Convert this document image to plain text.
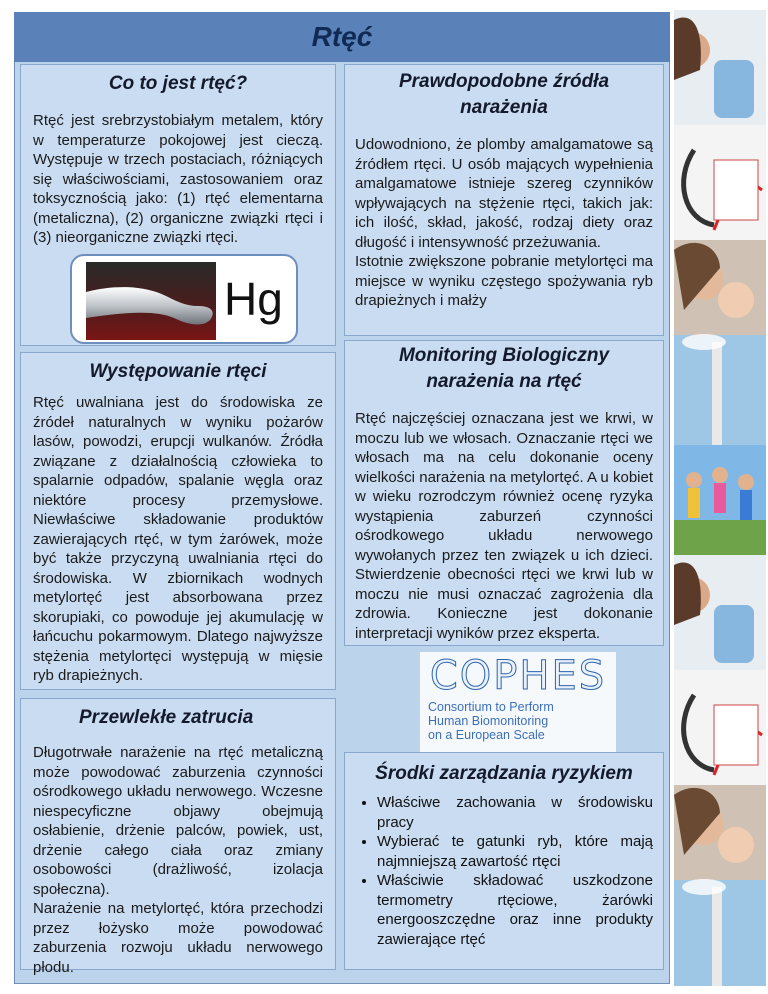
Rtęć
Co to jest rtęć?

Rtęć jest srebrzystobiałym metalem, który w temperaturze pokojowej jest cieczą. Występuje w trzech postaciach, różniących się właściwościami, zastosowaniem oraz toksycznością jako: (1) rtęć elementarna (metaliczna), (2) organiczne związki rtęci i (3) nieorganiczne związki rtęci.

Hg
Prawdopodobne źródła narażenia

Udowodniono, że plomby amalgamatowe są źródłem rtęci. U osób mających wypełnienia amalgamatowe istnieje szereg czynników wpływających na stężenie rtęci, takich jak: ich ilość, skład, jakość, rodzaj diety oraz długość i intensywność przeżuwania.

Istotnie zwiększone pobranie metylortęci ma miejsce w wyniku częstego spożywania ryb drapieżnych i małży

Występowanie rtęci

Rtęć uwalniana jest do środowiska ze źródeł naturalnych w wyniku pożarów lasów, powodzi, erupcji wulkanów. Źródła związane z działalnością człowieka to spalarnie odpadów, spalanie węgla oraz niektóre procesy przemysłowe. Niewłaściwe składowanie produktów zawierających rtęć, w tym żarówek, może być także przyczyną uwalniania rtęci do środowiska. W zbiornikach wodnych metylortęć jest absorbowana przez skorupiaki, co powoduje jej akumulację w łańcuchu pokarmowym. Dlatego najwyższe stężenia metylortęci występują w mięsie ryb drapieżnych.

Monitoring Biologiczny narażenia na rtęć

Rtęć najczęściej oznaczana jest we krwi, w moczu lub we włosach. Oznaczanie rtęci we włosach ma na celu dokonanie oceny wielkości narażenia na metylortęć. A u kobiet w wieku rozrodczym również ocenę ryzyka wystąpienia zaburzeń czynności ośrodkowego układu nerwowego wywołanych przez ten związek u ich dzieci. Stwierdzenie obecności rtęci we krwi lub w moczu nie musi oznaczać zagrożenia dla zdrowia. Konieczne jest dokonanie interpretacji wyników przez eksperta.

COPHES
Consortium to Perform
Human Biomonitoring
on a European Scale
Przewlekłe zatrucia

Długotrwałe narażenie na rtęć metaliczną może powodować zaburzenia czynności ośrodkowego układu nerwowego. Wczesne niespecyficzne objawy obejmują osłabienie, drżenie palców, powiek, ust, drżenie całego ciała oraz zmiany osobowości (drażliwość, izolacja społeczna).

Narażenie na metylortęć, która przechodzi przez łożysko może powodować zaburzenia rozwoju układu nerwowego płodu.

Środki zarządzania ryzykiem
• Właściwe zachowania w środowisku pracy
• Wybierać te gatunki ryb, które mają najmniejszą zawartość rtęci
• Właściwie składować uszkodzone termometry rtęciowe, żarówki energooszczędne oraz inne produkty zawierające rtęć
